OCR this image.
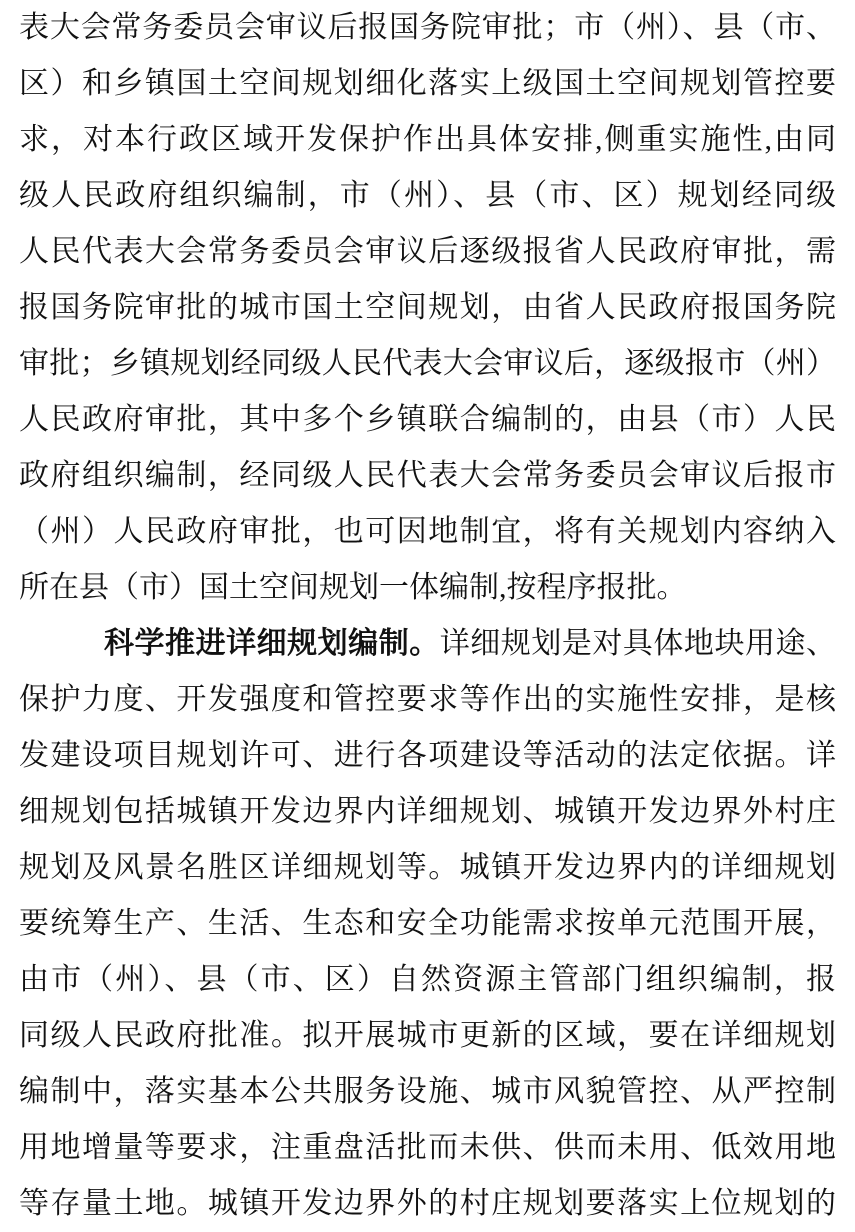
表大会常务委员会审议后报国务院审批；市（州）、县（市、
区）和乡镇国土空间规划细化落实上级国土空间规划管控要
求，对本行政区域开发保护作出具体安排,侧重实施性,由同
级人民政府组织编制，市（州）、县（市、区）规划经同级
人民代表大会常务委员会审议后逐级报省人民政府审批，需
报国务院审批的城市国土空间规划，由省人民政府报国务院
审批；乡镇规划经同级人民代表大会审议后，逐级报市（州）
人民政府审批，其中多个乡镇联合编制的，由县（市）人民
政府组织编制，经同级人民代表大会常务委员会审议后报市
（州）人民政府审批，也可因地制宜，将有关规划内容纳入
所在县（市）国土空间规划一体编制,按程序报批。
科学推进详细规划编制。详细规划是对具体地块用途、
保护力度、开发强度和管控要求等作出的实施性安排，是核
发建设项目规划许可、进行各项建设等活动的法定依据。详
细规划包括城镇开发边界内详细规划、城镇开发边界外村庄
规划及风景名胜区详细规划等。城镇开发边界内的详细规划
要统筹生产、生活、生态和安全功能需求按单元范围开展，
由市（州）、县（市、区）自然资源主管部门组织编制，报
同级人民政府批准。拟开展城市更新的区域，要在详细规划
编制中，落实基本公共服务设施、城市风貌管控、从严控制
用地增量等要求，注重盘活批而未供、供而未用、低效用地
等存量土地。城镇开发边界外的村庄规划要落实上位规划的
